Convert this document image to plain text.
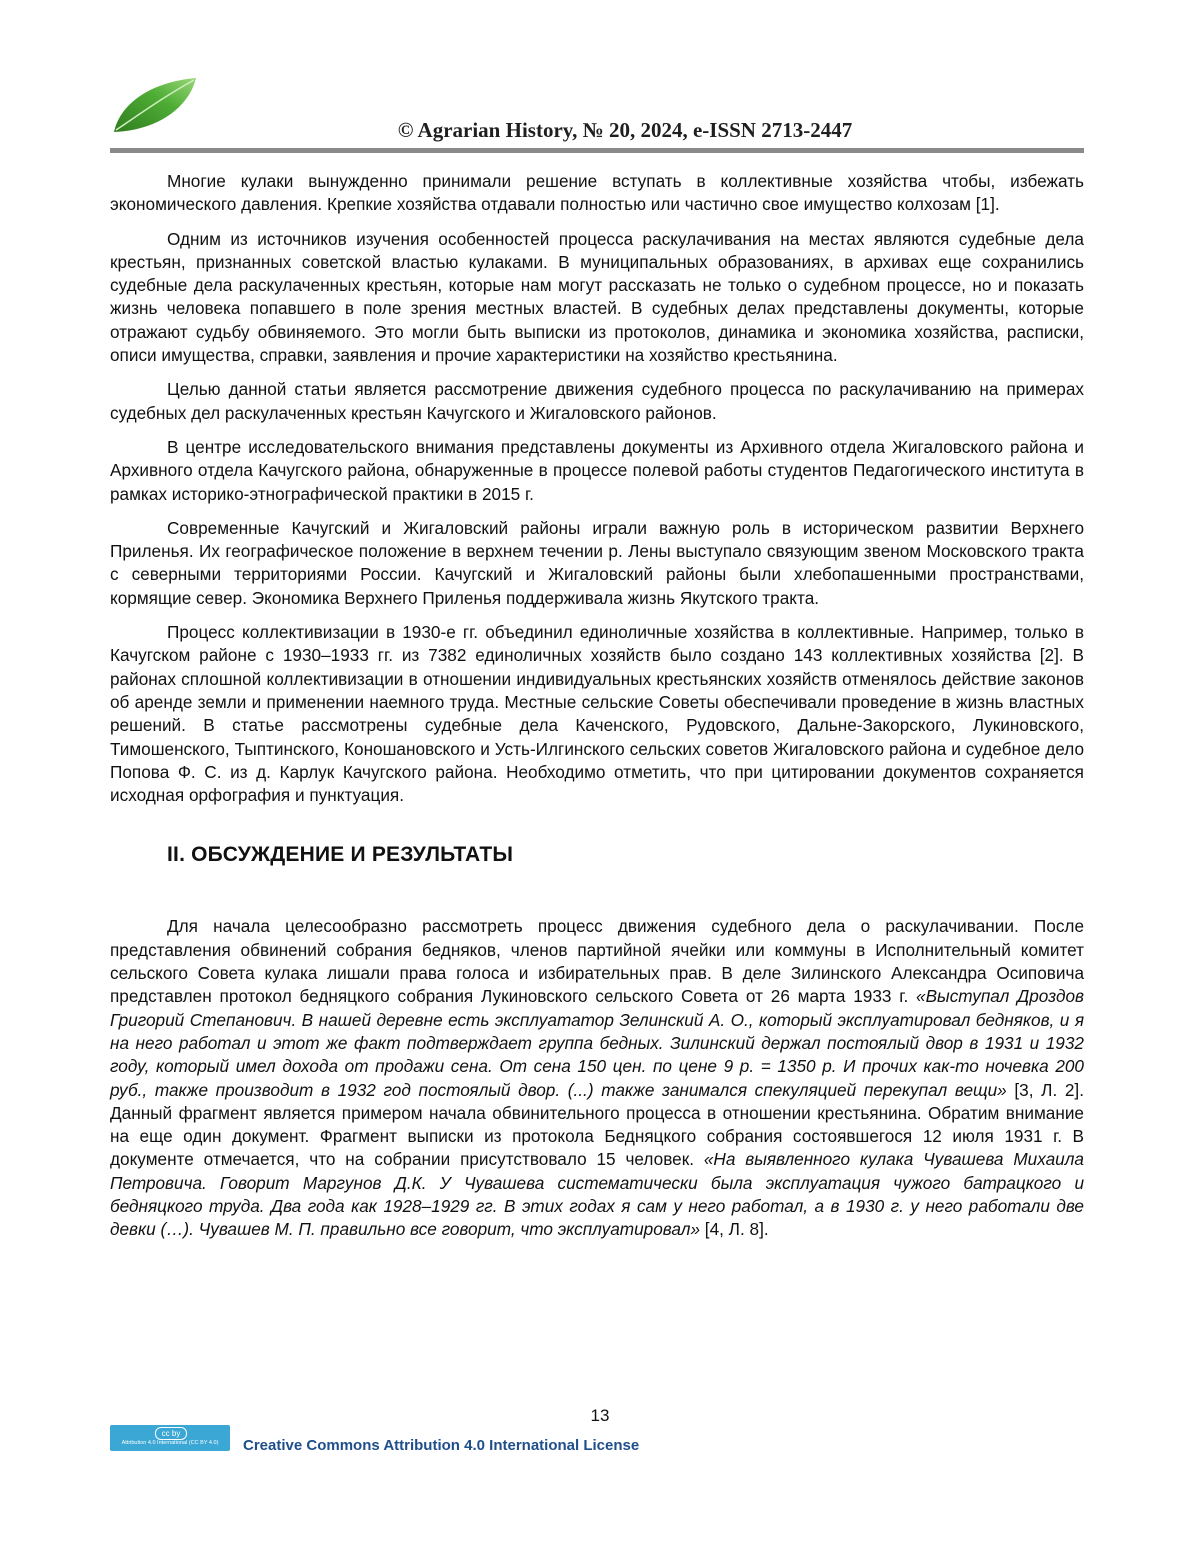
© Agrarian History, № 20, 2024, e-ISSN 2713-2447

Многие кулаки вынужденно принимали решение вступать в коллективные хозяйства чтобы, избежать экономического давления. Крепкие хозяйства отдавали полностью или частично свое имущество колхозам [1].

Одним из источников изучения особенностей процесса раскулачивания на местах являются судебные дела крестьян, признанных советской властью кулаками. В муниципальных образованиях, в архивах еще сохранились судебные дела раскулаченных крестьян, которые нам могут рассказать не только о судебном процессе, но и показать жизнь человека попавшего в поле зрения местных властей. В судебных делах представлены документы, которые отражают судьбу обвиняемого. Это могли быть выписки из протоколов, динамика и экономика хозяйства, расписки, описи имущества, справки, заявления и прочие характеристики на хозяйство крестьянина.

Целью данной статьи является рассмотрение движения судебного процесса по раскулачиванию на примерах судебных дел раскулаченных крестьян Качугского и Жигаловского районов.

В центре исследовательского внимания представлены документы из Архивного отдела Жигаловского района и Архивного отдела Качугского района, обнаруженные в процессе полевой работы студентов Педагогического института в рамках историко-этнографической практики в 2015 г.

Современные Качугский и Жигаловский районы играли важную роль в историческом развитии Верхнего Приленья. Их географическое положение в верхнем течении р. Лены выступало связующим звеном Московского тракта с северными территориями России. Качугский и Жигаловский районы были хлебопашенными пространствами, кормящие север. Экономика Верхнего Приленья поддерживала жизнь Якутского тракта.

Процесс коллективизации в 1930-е гг. объединил единоличные хозяйства в коллективные. Например, только в Качугском районе с 1930–1933 гг. из 7382 единоличных хозяйств было создано 143 коллективных хозяйства [2]. В районах сплошной коллективизации в отношении индивидуальных крестьянских хозяйств отменялось действие законов об аренде земли и применении наемного труда. Местные сельские Советы обеспечивали проведение в жизнь властных решений. В статье рассмотрены судебные дела Каченского, Рудовского, Дальне-Закорского, Лукиновского, Тимошенского, Тыптинского, Коношановского и Усть-Илгинского сельских советов Жигаловского района и судебное дело Попова Ф. С. из д. Карлук Качугского района. Необходимо отметить, что при цитировании документов сохраняется исходная орфография и пунктуация.

II. ОБСУЖДЕНИЕ И РЕЗУЛЬТАТЫ

Для начала целесообразно рассмотреть процесс движения судебного дела о раскулачивании. После представления обвинений собрания бедняков, членов партийной ячейки или коммуны в Исполнительный комитет сельского Совета кулака лишали права голоса и избирательных прав. В деле Зилинского Александра Осиповича представлен протокол бедняцкого собрания Лукиновского сельского Совета от 26 марта 1933 г. «Выступал Дроздов Григорий Степанович. В нашей деревне есть эксплуататор Зелинский А. О., который эксплуатировал бедняков, и я на него работал и этот же факт подтверждает группа бедных. Зилинский держал постоялый двор в 1931 и 1932 году, который имел дохода от продажи сена. От сена 150 цен. по цене 9 р. = 1350 р. И прочих как-то ночевка 200 руб., также производит в 1932 год постоялый двор. (...) также занимался спекуляцией перекупал вещи» [3, Л. 2]. Данный фрагмент является примером начала обвинительного процесса в отношении крестьянина. Обратим внимание на еще один документ. Фрагмент выписки из протокола Бедняцкого собрания состоявшегося 12 июля 1931 г. В документе отмечается, что на собрании присутствовало 15 человек. «На выявленного кулака Чувашева Михаила Петровича. Говорит Маргунов Д.К. У Чувашева систематически была эксплуатация чужого батрацкого и бедняцкого труда. Два года как 1928–1929 гг. В этих годах я сам у него работал, а в 1930 г. у него работали две девки (…). Чувашев М. П. правильно все говорит, что эксплуатировал» [4, Л. 8].

13
cc by
Attribution 4.0 International (CC BY 4.0)	Creative Commons Attribution 4.0 International License
